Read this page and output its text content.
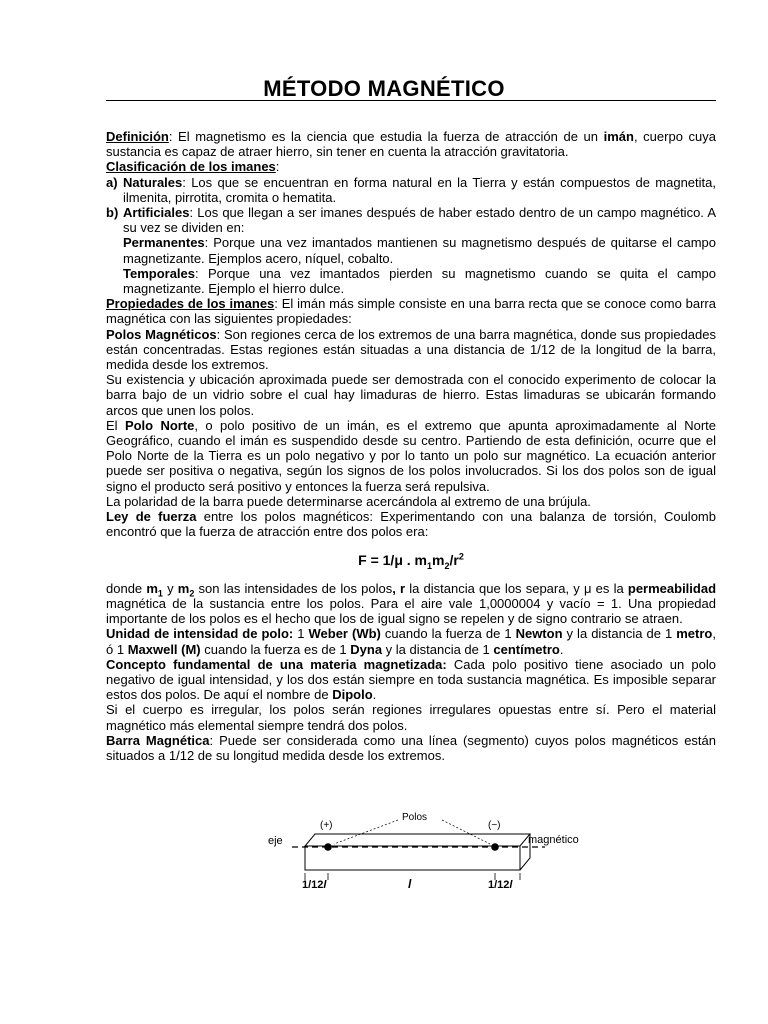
MÉTODO MAGNÉTICO

Definición: El magnetismo es la ciencia que estudia la fuerza de atracción de un imán, cuerpo cuya sustancia es capaz de atraer hierro, sin tener en cuenta la atracción gravitatoria.

Clasificación de los imanes:

a) Naturales: Los que se encuentran en forma natural en la Tierra y están compuestos de magnetita, ilmenita, pirrotita, cromita o hematita.
b) Artificiales: Los que llegan a ser imanes después de haber estado dentro de un campo magnético. A su vez se dividen en:

Permanentes: Porque una vez imantados mantienen su magnetismo después de quitarse el campo magnetizante. Ejemplos acero, níquel, cobalto.

Temporales: Porque una vez imantados pierden su magnetismo cuando se quita el campo magnetizante. Ejemplo el hierro dulce.

Propiedades de los imanes: El imán más simple consiste en una barra recta que se conoce como barra magnética con las siguientes propiedades:

Polos Magnéticos: Son regiones cerca de los extremos de una barra magnética, donde sus propiedades están concentradas. Estas regiones están situadas a una distancia de 1/12 de la longitud de la barra, medida desde los extremos.

Su existencia y ubicación aproximada puede ser demostrada con el conocido experimento de colocar la barra bajo de un vidrio sobre el cual hay limaduras de hierro. Estas limaduras se ubicarán formando arcos que unen los polos.

El Polo Norte, o polo positivo de un imán, es el extremo que apunta aproximadamente al Norte Geográfico, cuando el imán es suspendido desde su centro. Partiendo de esta definición, ocurre que el Polo Norte de la Tierra es un polo negativo y por lo tanto un polo sur magnético. La ecuación anterior puede ser positiva o negativa, según los signos de los polos involucrados. Si los dos polos son de igual signo el producto será positivo y entonces la fuerza será repulsiva.

La polaridad de la barra puede determinarse acercándola al extremo de una brújula.

Ley de fuerza entre los polos magnéticos: Experimentando con una balanza de torsión, Coulomb encontró que la fuerza de atracción entre dos polos era:

F = 1/μ . $m_1m_2/r^2$

donde $m_1$ y $m_2$ son las intensidades de los polos, r la distancia que los separa, y μ es la permeabilidad magnética de la sustancia entre los polos. Para el aire vale 1,0000004 y vacío = 1. Una propiedad importante de los polos es el hecho que los de igual signo se repelen y de signo contrario se atraen.

Unidad de intensidad de polo: 1 Weber (Wb) cuando la fuerza de 1 Newton y la distancia de 1 metro, ó 1 Maxwell (M) cuando la fuerza es de 1 Dyna y la distancia de 1 centímetro.

Concepto fundamental de una materia magnetizada: Cada polo positivo tiene asociado un polo negativo de igual intensidad, y los dos están siempre en toda sustancia magnética. Es imposible separar estos dos polos. De aquí el nombre de Dipolo.

Si el cuerpo es irregular, los polos serán regiones irregulares opuestas entre sí. Pero el material magnético más elemental siempre tendrá dos polos.

Barra Magnética: Puede ser considerada como una línea (segmento) cuyos polos magnéticos están situados a 1/12 de su longitud medida desde los extremos.

Polos
(+)	(−)
eje	magnético
1/12l	l	1/12l
